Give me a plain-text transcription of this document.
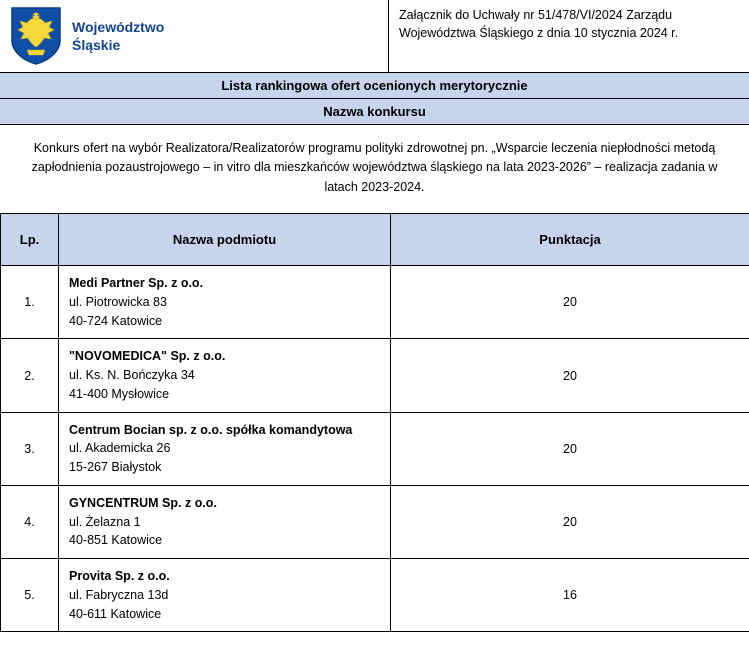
Województwo
Śląskie
Załącznik do Uchwały nr 51/478/VI/2024 Zarządu
Województwa Śląskiego z dnia 10 stycznia 2024 r.
Lista rankingowa ofert ocenionych merytorycznie
Nazwa konkursu
Konkurs ofert na wybór Realizatora/Realizatorów programu polityki zdrowotnej pn. „Wsparcie leczenia niepłodności metodą zapłodnienia pozaustrojowego – in vitro dla mieszkańców województwa śląskiego na lata 2023-2026” – realizacja zadania w latach 2023-2024.
Lp.	Nazwa podmiotu	Punktacja
1.	Medi Partner Sp. z o.o.
ul. Piotrowicka 83
40-724 Katowice	20
2.	"NOVOMEDICA" Sp. z o.o.
ul. Ks. N. Bończyka 34
41-400 Mysłowice	20
3.	Centrum Bocian sp. z o.o. spółka komandytowa
ul. Akademicka 26
15-267 Białystok	20
4.	GYNCENTRUM Sp. z o.o.
ul. Żelazna 1
40-851 Katowice	20
5.	Provita Sp. z o.o.
ul. Fabryczna 13d
40-611 Katowice	16
